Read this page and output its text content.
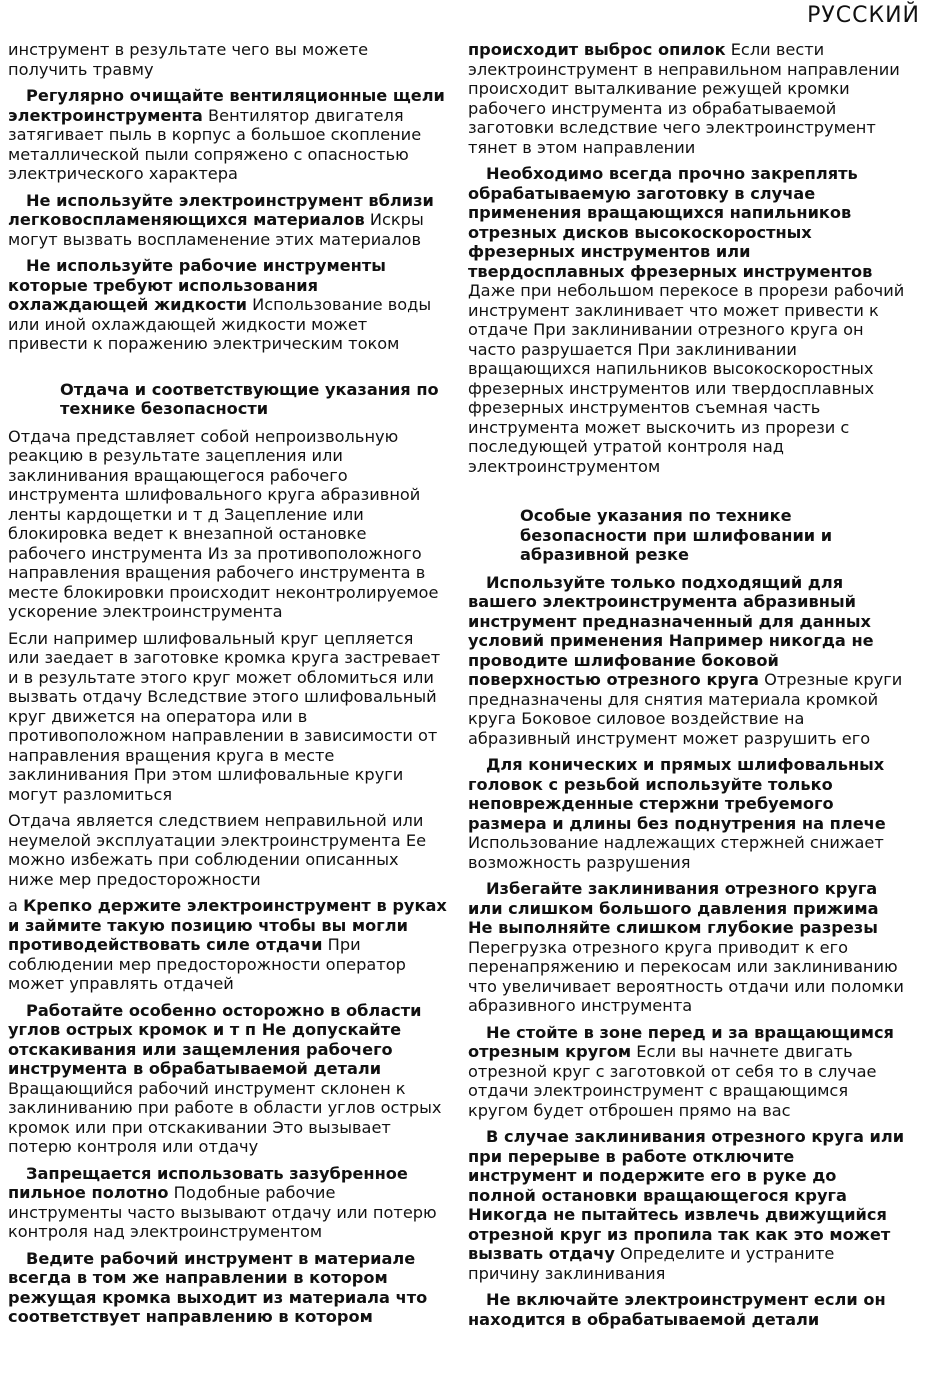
РУССКИЙ

инструмент в результате чего вы можете получить травму

Регулярно очищайте вентиляционные щели электроинструмента Вентилятор двигателя затягивает пыль в корпус а большое скопление металлической пыли сопряжено с опасностью электрического характера

Не используйте электроинструмент вблизи легковоспламеняющихся материалов Искры могут вызвать воспламенение этих материалов

Не используйте рабочие инструменты которые требуют использования охлаждающей жидкости Использование воды или иной охлаждающей жидкости может привести к поражению электрическим током

Отдача и соответствующие указания по технике безопасности

Отдача представляет собой непроизвольную реакцию в результате зацепления или заклинивания вращающегося рабочего инструмента шлифовального круга абразивной ленты кардощетки и т д Зацепление или блокировка ведет к внезапной остановке рабочего инструмента Из за противоположного направления вращения рабочего инструмента в месте блокировки происходит неконтролируемое ускорение электроинструмента

Если например шлифовальный круг цепляется или заедает в заготовке кромка круга застревает и в результате этого круг может обломиться или вызвать отдачу Вследствие этого шлифовальный круг движется на оператора или в противоположном направлении в зависимости от направления вращения круга в месте заклинивания При этом шлифовальные круги могут разломиться

Отдача является следствием неправильной или неумелой эксплуатации электроинструмента Ее можно избежать при соблюдении описанных ниже мер предосторожности

а Крепко держите электроинструмент в руках и займите такую позицию чтобы вы могли противодействовать силе отдачи При соблюдении мер предосторожности оператор может управлять отдачей

Работайте особенно осторожно в области углов острых кромок и т п Не допускайте отскакивания или защемления рабочего инструмента в обрабатываемой детали Вращающийся рабочий инструмент склонен к заклиниванию при работе в области углов острых кромок или при отскакивании Это вызывает потерю контроля или отдачу

Запрещается использовать зазубренное пильное полотно Подобные рабочие инструменты часто вызывают отдачу или потерю контроля над электроинструментом

Ведите рабочий инструмент в материале всегда в том же направлении в котором режущая кромка выходит из материала что соответствует направлению в котором

происходит выброс опилок Если вести электроинструмент в неправильном направлении происходит выталкивание режущей кромки рабочего инструмента из обрабатываемой заготовки вследствие чего электроинструмент тянет в этом направлении

Необходимо всегда прочно закреплять обрабатываемую заготовку в случае применения вращающихся напильников отрезных дисков высокоскоростных фрезерных инструментов или твердосплавных фрезерных инструментов Даже при небольшом перекосе в прорези рабочий инструмент заклинивает что может привести к отдаче При заклинивании отрезного круга он часто разрушается При заклинивании вращающихся напильников высокоскоростных фрезерных инструментов или твердосплавных фрезерных инструментов съемная часть инструмента может выскочить из прорези с последующей утратой контроля над электроинструментом

Особые указания по технике безопасности при шлифовании и абразивной резке

Используйте только подходящий для вашего электроинструмента абразивный инструмент предназначенный для данных условий применения Например никогда не проводите шлифование боковой поверхностью отрезного круга Отрезные круги предназначены для снятия материала кромкой круга Боковое силовое воздействие на абразивный инструмент может разрушить его

Для конических и прямых шлифовальных головок с резьбой используйте только неповрежденные стержни требуемого размера и длины без поднутрения на плече Использование надлежащих стержней снижает возможность разрушения

Избегайте заклинивания отрезного круга или слишком большого давления прижима Не выполняйте слишком глубокие разрезы Перегрузка отрезного круга приводит к его перенапряжению и перекосам или заклиниванию что увеличивает вероятность отдачи или поломки абразивного инструмента

Не стойте в зоне перед и за вращающимся отрезным кругом Если вы начнете двигать отрезной круг с заготовкой от себя то в случае отдачи электроинструмент с вращающимся кругом будет отброшен прямо на вас

В случае заклинивания отрезного круга или при перерыве в работе отключите инструмент и подержите его в руке до полной остановки вращающегося круга Никогда не пытайтесь извлечь движущийся отрезной круг из пропила так как это может вызвать отдачу Определите и устраните причину заклинивания

Не включайте электроинструмент если он находится в обрабатываемой детали
